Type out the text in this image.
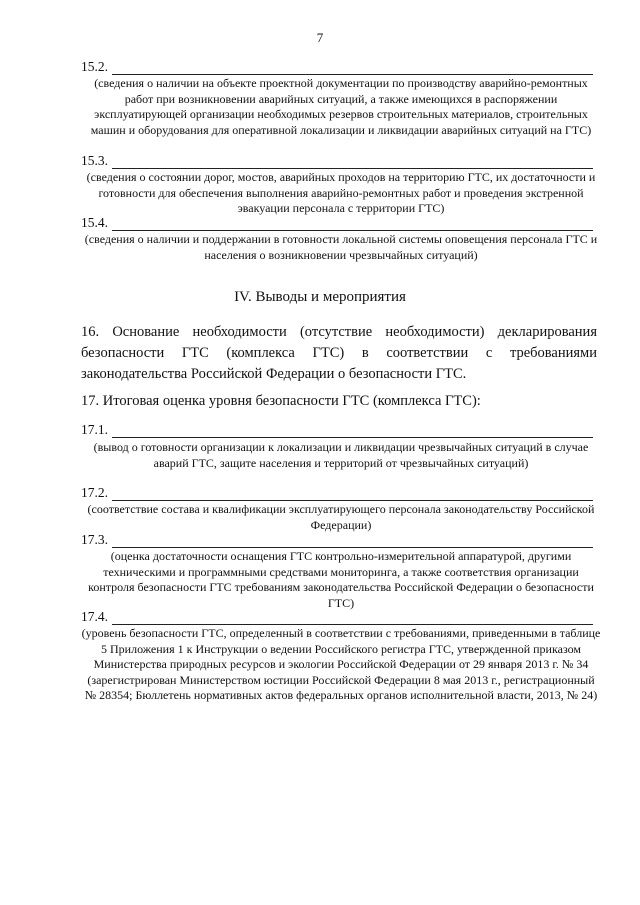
7
15.2.
(сведения о наличии на объекте проектной документации по производству аварийно-ремонтных работ при возникновении аварийных ситуаций, а также имеющихся в распоряжении эксплуатирующей организации необходимых резервов строительных материалов, строительных машин и оборудования для оперативной локализации и ликвидации аварийных ситуаций на ГТС)
15.3.
(сведения о состоянии дорог, мостов, аварийных проходов на территорию ГТС, их достаточности и готовности для обеспечения выполнения аварийно-ремонтных работ и проведения экстренной эвакуации персонала с территории ГТС)
15.4.
(сведения о наличии и поддержании в готовности локальной системы оповещения персонала ГТС и населения о возникновении чрезвычайных ситуаций)
IV. Выводы и мероприятия
16. Основание необходимости (отсутствие необходимости) декларирования безопасности ГТС (комплекса ГТС) в соответствии с требованиями законодательства Российской Федерации о безопасности ГТС.
17. Итоговая оценка уровня безопасности ГТС (комплекса ГТС):
17.1.
(вывод о готовности организации к локализации и ликвидации чрезвычайных ситуаций в случае аварий ГТС, защите населения и территорий от чрезвычайных ситуаций)
17.2.
(соответствие состава и квалификации эксплуатирующего персонала законодательству Российской Федерации)
17.3.
(оценка достаточности оснащения ГТС контрольно-измерительной аппаратурой, другими техническими и программными средствами мониторинга, а также соответствия организации контроля безопасности ГТС требованиям законодательства Российской Федерации о безопасности ГТС)
17.4.
(уровень безопасности ГТС, определенный в соответствии с требованиями, приведенными в таблице 5 Приложения 1 к Инструкции о ведении Российского регистра ГТС, утвержденной приказом Министерства природных ресурсов и экологии Российской Федерации от 29 января 2013 г. № 34 (зарегистрирован Министерством юстиции Российской Федерации 8 мая 2013 г., регистрационный № 28354; Бюллетень нормативных актов федеральных органов исполнительной власти, 2013, № 24)
